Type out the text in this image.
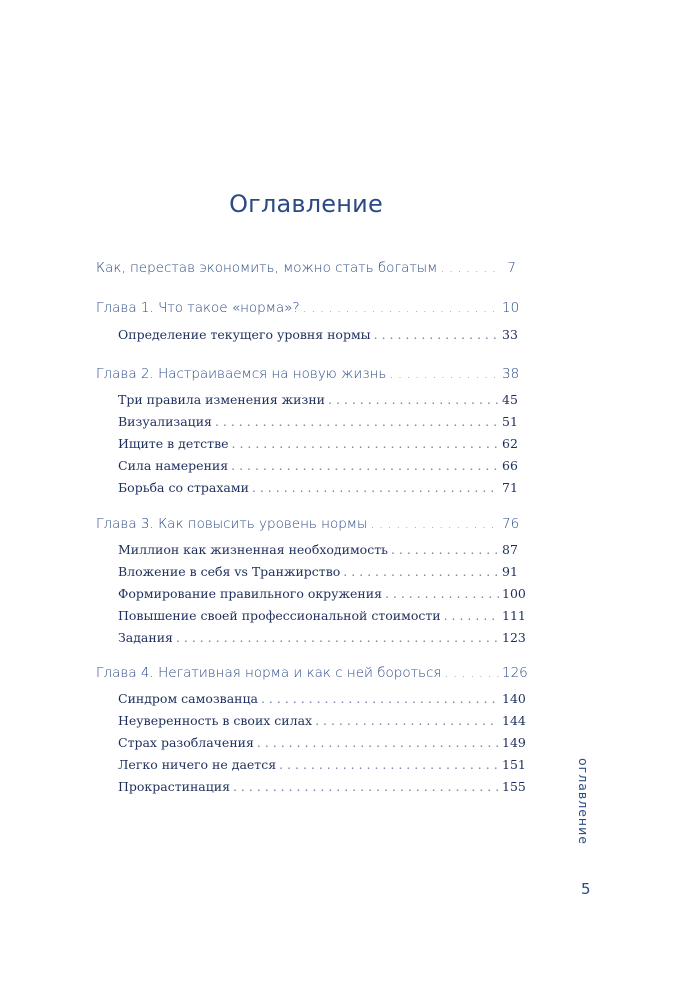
Оглавление
Как, перестав экономить, можно стать богатым . . .	7
Глава 1. Что такое «норма»? . . .	10
Определение текущего уровня нормы . . .	33
Глава 2. Настраиваемся на новую жизнь . . .	38
Три правила изменения жизни . . .	45
Визуализация . . .	51
Ищите в детстве . . .	62
Сила намерения . . .	66
Борьба со страхами . . .	71
Глава 3. Как повысить уровень нормы . . .	76
Миллион как жизненная необходимость . . .	87
Вложение в себя vs Транжирство . . .	91
Формирование правильного окружения . . .	100
Повышение своей профессиональной стоимости . . .	111
Задания . . .	123
Глава 4. Негативная норма и как с ней бороться . . .	126
Синдром самозванца . . .	140
Неуверенность в своих силах . . .	144
Страх разоблачения . . .	149
Легко ничего не дается . . .	151
Прокрастинация . . .	155	оглавление
5
